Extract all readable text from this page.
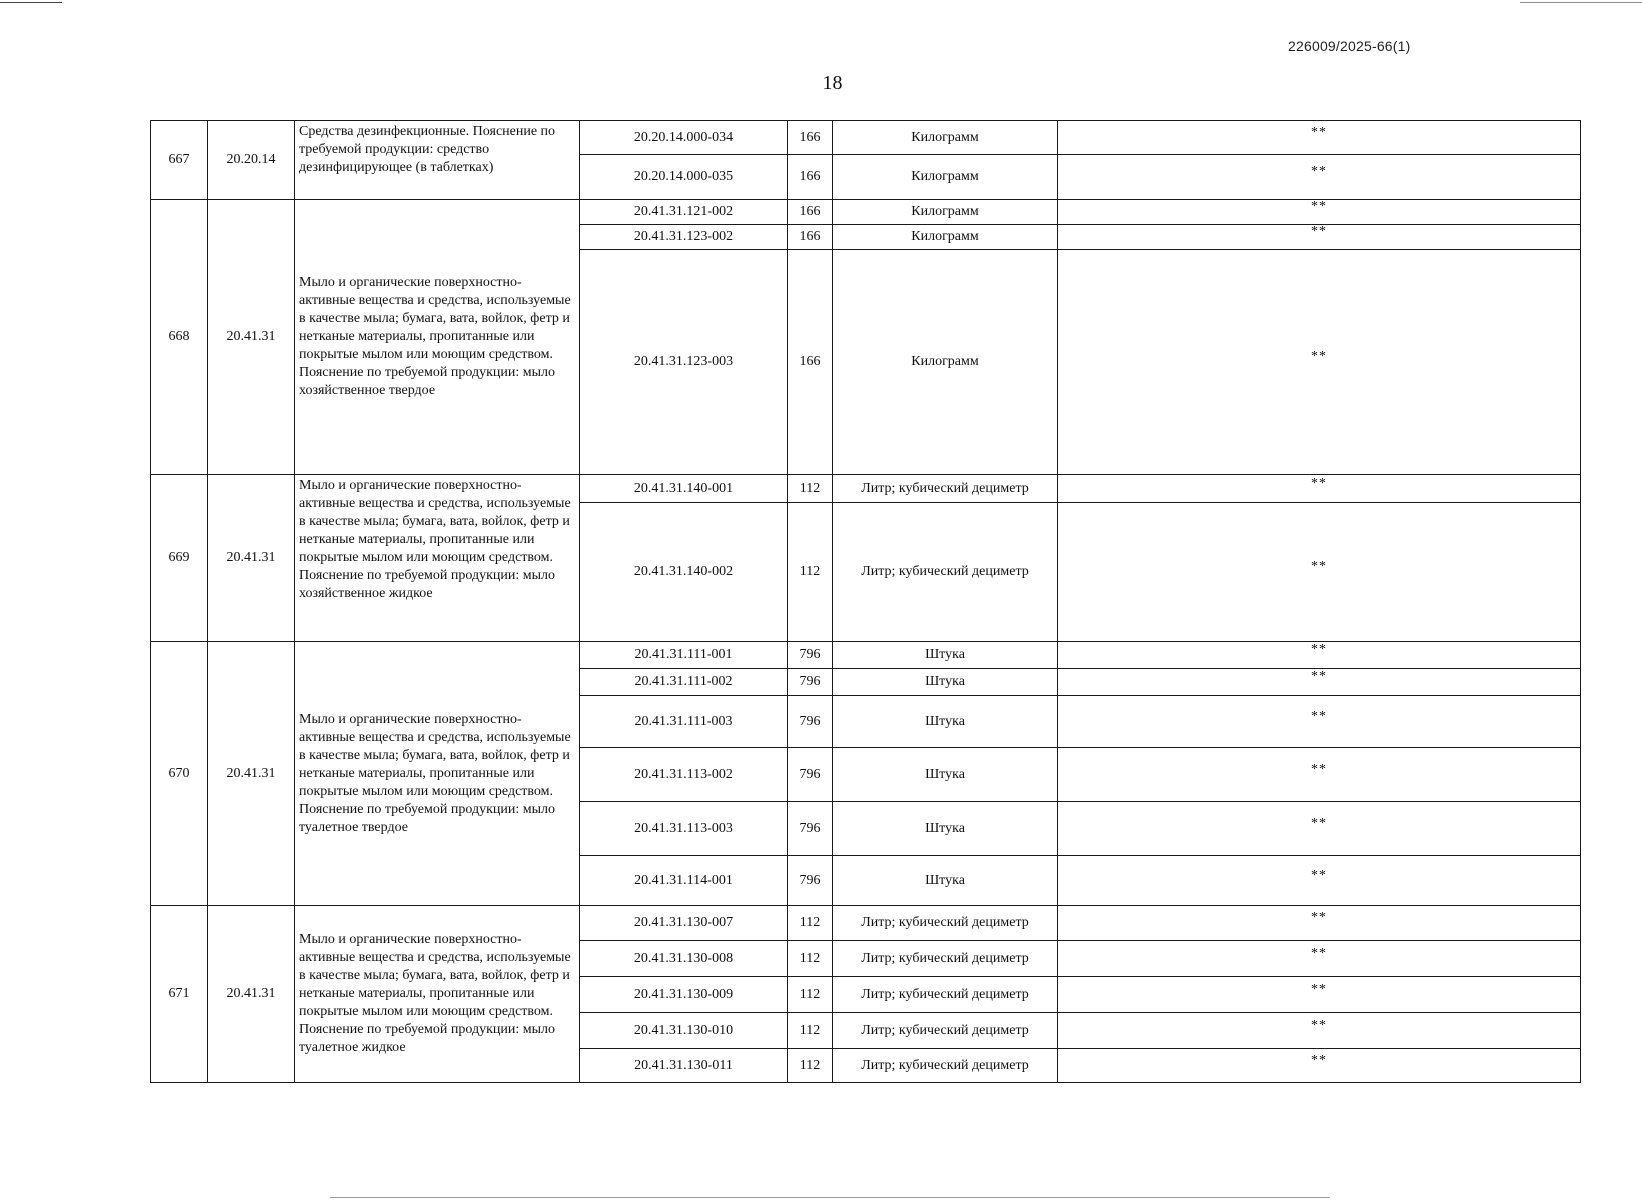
226009/2025-66(1)
18
667	20.20.14	Средства дезинфекционные. Пояснение по требуемой продукции: средство дезинфицирующее (в таблетках)	20.20.14.000-034	166	Килограмм	**
			20.20.14.000-035	166	Килограмм	**
668	20.41.31	Мыло и органические поверхностно-активные вещества и средства, используемые в качестве мыла; бумага, вата, войлок, фетр и нетканые материалы, пропитанные или покрытые мылом или моющим средством. Пояснение по требуемой продукции: мыло хозяйственное твердое	20.41.31.121-002	166	Килограмм	**
			20.41.31.123-002	166	Килограмм	**
			20.41.31.123-003	166	Килограмм	**
669	20.41.31	Мыло и органические поверхностно-активные вещества и средства, используемые в качестве мыла; бумага, вата, войлок, фетр и нетканые материалы, пропитанные или покрытые мылом или моющим средством. Пояснение по требуемой продукции: мыло хозяйственное жидкое	20.41.31.140-001	112	Литр; кубический дециметр	**
			20.41.31.140-002	112	Литр; кубический дециметр	**
670	20.41.31	Мыло и органические поверхностно-активные вещества и средства, используемые в качестве мыла; бумага, вата, войлок, фетр и нетканые материалы, пропитанные или покрытые мылом или моющим средством. Пояснение по требуемой продукции: мыло туалетное твердое	20.41.31.111-001	796	Штука	**
			20.41.31.111-002	796	Штука	**
			20.41.31.111-003	796	Штука	**
			20.41.31.113-002	796	Штука	**
			20.41.31.113-003	796	Штука	**
			20.41.31.114-001	796	Штука	**
671	20.41.31	Мыло и органические поверхностно-активные вещества и средства, используемые в качестве мыла; бумага, вата, войлок, фетр и нетканые материалы, пропитанные или покрытые мылом или моющим средством. Пояснение по требуемой продукции: мыло туалетное жидкое	20.41.31.130-007	112	Литр; кубический дециметр	**
			20.41.31.130-008	112	Литр; кубический дециметр	**
			20.41.31.130-009	112	Литр; кубический дециметр	**
			20.41.31.130-010	112	Литр; кубический дециметр	**
			20.41.31.130-011	112	Литр; кубический дециметр	**
